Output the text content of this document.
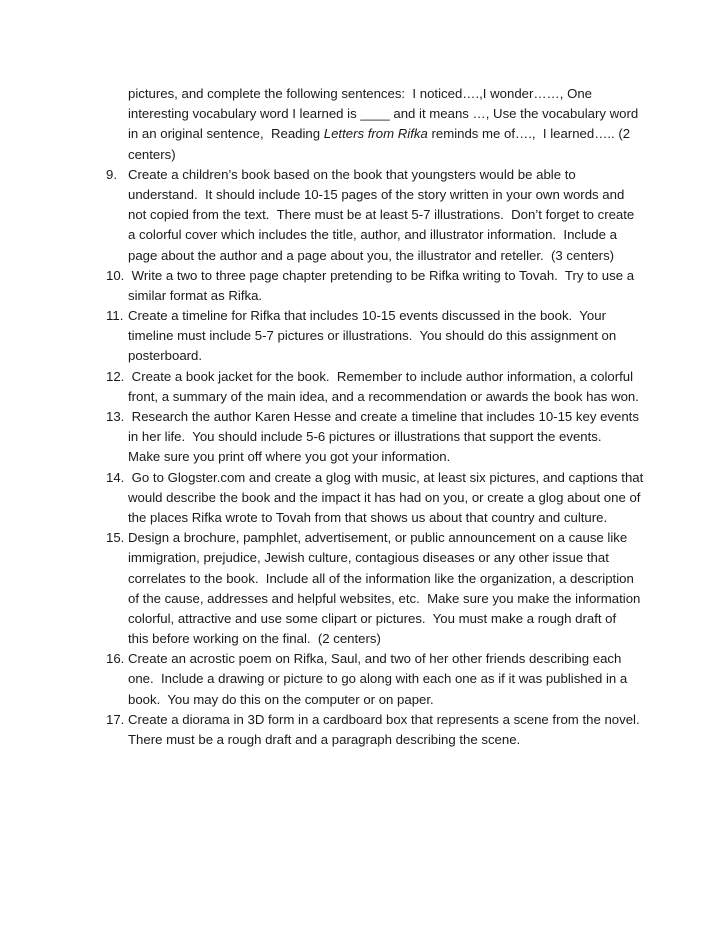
pictures, and complete the following sentences:  I noticed….,I wonder……, One
interesting vocabulary word I learned is ____ and it means …, Use the vocabulary word
in an original sentence,  Reading Letters from Rifka reminds me of….,  I learned….. (2
centers)
9. Create a children’s book based on the book that youngsters would be able to
understand.  It should include 10-15 pages of the story written in your own words and
not copied from the text.  There must be at least 5-7 illustrations.  Don’t forget to create
a colorful cover which includes the title, author, and illustrator information.  Include a
page about the author and a page about you, the illustrator and reteller.  (3 centers)
10. Write a two to three page chapter pretending to be Rifka writing to Tovah.  Try to use a
similar format as Rifka.
11. Create a timeline for Rifka that includes 10-15 events discussed in the book.  Your
timeline must include 5-7 pictures or illustrations.  You should do this assignment on
posterboard.
12. Create a book jacket for the book.  Remember to include author information, a colorful
front, a summary of the main idea, and a recommendation or awards the book has won.
13. Research the author Karen Hesse and create a timeline that includes 10-15 key events
in her life.  You should include 5-6 pictures or illustrations that support the events.
Make sure you print off where you got your information.
14. Go to Glogster.com and create a glog with music, at least six pictures, and captions that
would describe the book and the impact it has had on you, or create a glog about one of
the places Rifka wrote to Tovah from that shows us about that country and culture.
15. Design a brochure, pamphlet, advertisement, or public announcement on a cause like
immigration, prejudice, Jewish culture, contagious diseases or any other issue that
correlates to the book.  Include all of the information like the organization, a description
of the cause, addresses and helpful websites, etc.  Make sure you make the information
colorful, attractive and use some clipart or pictures.  You must make a rough draft of
this before working on the final.  (2 centers)
16. Create an acrostic poem on Rifka, Saul, and two of her other friends describing each
one.  Include a drawing or picture to go along with each one as if it was published in a
book.  You may do this on the computer or on paper.
17. Create a diorama in 3D form in a cardboard box that represents a scene from the novel.
There must be a rough draft and a paragraph describing the scene.
